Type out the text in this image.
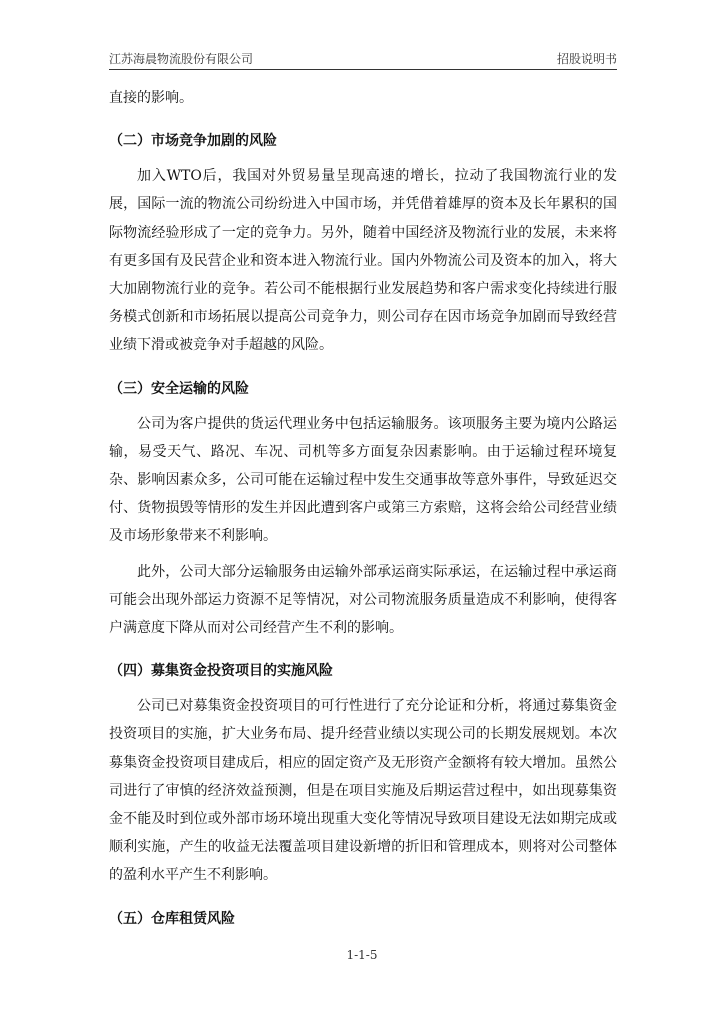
江苏海晨物流股份有限公司	招股说明书

直接的影响。

（二）市场竞争加剧的风险

加入WTO后，我国对外贸易量呈现高速的增长，拉动了我国物流行业的发展，国际一流的物流公司纷纷进入中国市场，并凭借着雄厚的资本及长年累积的国际物流经验形成了一定的竞争力。另外，随着中国经济及物流行业的发展，未来将有更多国有及民营企业和资本进入物流行业。国内外物流公司及资本的加入，将大大加剧物流行业的竞争。若公司不能根据行业发展趋势和客户需求变化持续进行服务模式创新和市场拓展以提高公司竞争力，则公司存在因市场竞争加剧而导致经营业绩下滑或被竞争对手超越的风险。

（三）安全运输的风险

公司为客户提供的货运代理业务中包括运输服务。该项服务主要为境内公路运输，易受天气、路况、车况、司机等多方面复杂因素影响。由于运输过程环境复杂、影响因素众多，公司可能在运输过程中发生交通事故等意外事件，导致延迟交付、货物损毁等情形的发生并因此遭到客户或第三方索赔，这将会给公司经营业绩及市场形象带来不利影响。

此外，公司大部分运输服务由运输外部承运商实际承运，在运输过程中承运商可能会出现外部运力资源不足等情况，对公司物流服务质量造成不利影响，使得客户满意度下降从而对公司经营产生不利的影响。

（四）募集资金投资项目的实施风险

公司已对募集资金投资项目的可行性进行了充分论证和分析，将通过募集资金投资项目的实施，扩大业务布局、提升经营业绩以实现公司的长期发展规划。本次募集资金投资项目建成后，相应的固定资产及无形资产金额将有较大增加。虽然公司进行了审慎的经济效益预测，但是在项目实施及后期运营过程中，如出现募集资金不能及时到位或外部市场环境出现重大变化等情况导致项目建设无法如期完成或顺利实施，产生的收益无法覆盖项目建设新增的折旧和管理成本，则将对公司整体的盈利水平产生不利影响。

（五）仓库租赁风险
1-1-5
